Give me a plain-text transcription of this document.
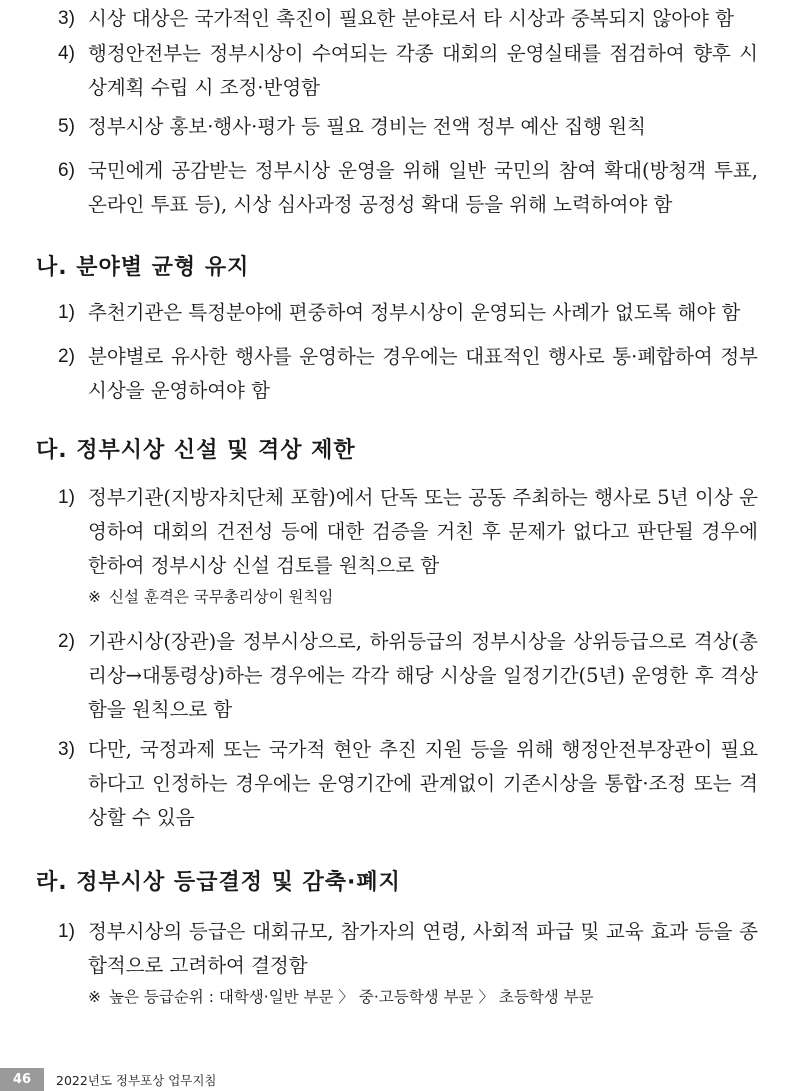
3) 시상 대상은 국가적인 촉진이 필요한 분야로서 타 시상과 중복되지 않아야 함
4) 행정안전부는 정부시상이 수여되는 각종 대회의 운영실태를 점검하여 향후 시상계획 수립 시 조정·반영함
5) 정부시상 홍보·행사·평가 등 필요 경비는 전액 정부 예산 집행 원칙
6) 국민에게 공감받는 정부시상 운영을 위해 일반 국민의 참여 확대(방청객 투표, 온라인 투표 등), 시상 심사과정 공정성 확대 등을 위해 노력하여야 함
나. 분야별 균형 유지
1) 추천기관은 특정분야에 편중하여 정부시상이 운영되는 사례가 없도록 해야 함
2) 분야별로 유사한 행사를 운영하는 경우에는 대표적인 행사로 통·폐합하여 정부시상을 운영하여야 함
다. 정부시상 신설 및 격상 제한
1) 정부기관(지방자치단체 포함)에서 단독 또는 공동 주최하는 행사로 5년 이상 운영하여 대회의 건전성 등에 대한 검증을 거친 후 문제가 없다고 판단될 경우에 한하여 정부시상 신설 검토를 원칙으로 함
※ 신설 훈격은 국무총리상이 원칙임
2) 기관시상(장관)을 정부시상으로, 하위등급의 정부시상을 상위등급으로 격상(총리상→대통령상)하는 경우에는 각각 해당 시상을 일정기간(5년) 운영한 후 격상함을 원칙으로 함
3) 다만, 국정과제 또는 국가적 현안 추진 지원 등을 위해 행정안전부장관이 필요하다고 인정하는 경우에는 운영기간에 관계없이 기존시상을 통합·조정 또는 격상할 수 있음
라. 정부시상 등급결정 및 감축·폐지
1) 정부시상의 등급은 대회규모, 참가자의 연령, 사회적 파급 및 교육 효과 등을 종합적으로 고려하여 결정함
※ 높은 등급순위 : 대학생·일반 부문 〉 중·고등학생 부문 〉 초등학생 부문
46	2022년도 정부포상 업무지침
